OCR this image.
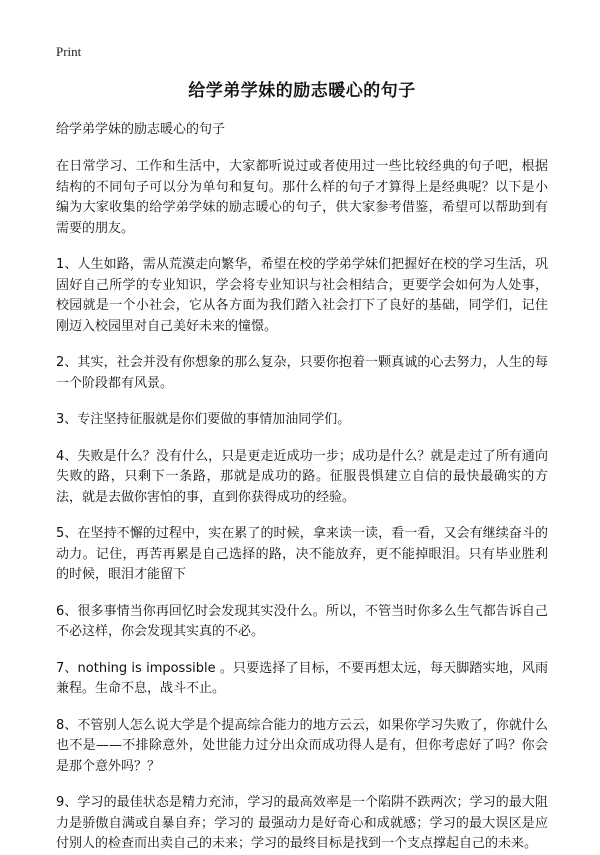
Print
给学弟学妹的励志暖心的句子
给学弟学妹的励志暖心的句子

在日常学习、工作和生活中，大家都听说过或者使用过一些比较经典的句子吧，根据结构的不同句子可以分为单句和复句。那什么样的句子才算得上是经典呢？以下是小编为大家收集的给学弟学妹的励志暖心的句子，供大家参考借鉴，希望可以帮助到有需要的朋友。

1、人生如路，需从荒漠走向繁华，希望在校的学弟学妹们把握好在校的学习生活，巩固好自己所学的专业知识，学会将专业知识与社会相结合，更要学会如何为人处事，校园就是一个小社会，它从各方面为我们踏入社会打下了良好的基础，同学们，记住刚迈入校园里对自己美好未来的憧憬。

2、其实，社会并没有你想象的那么复杂，只要你抱着一颗真诚的心去努力，人生的每一个阶段都有风景。

3、专注坚持征服就是你们要做的事情加油同学们。

4、失败是什么？没有什么，只是更走近成功一步；成功是什么？就是走过了所有通向失败的路，只剩下一条路，那就是成功的路。征服畏惧建立自信的最快最确实的方法，就是去做你害怕的事，直到你获得成功的经验。

5、在坚持不懈的过程中，实在累了的时候，拿来读一读，看一看，又会有继续奋斗的动力。记住，再苦再累是自己选择的路，决不能放弃，更不能掉眼泪。只有毕业胜利的时候，眼泪才能留下

6、很多事情当你再回忆时会发现其实没什么。所以，不管当时你多么生气都告诉自己不必这样，你会发现其实真的不必。

7、nothing is impossible 。只要选择了目标，不要再想太远，每天脚踏实地，风雨兼程。生命不息，战斗不止。

8、不管别人怎么说大学是个提高综合能力的地方云云，如果你学习失败了，你就什么也不是——不排除意外，处世能力过分出众而成功得人是有，但你考虑好了吗？你会是那个意外吗？？

9、学习的最佳状态是精力充沛，学习的最高效率是一个陷阱不跌两次；学习的最大阻力是骄傲自满或自暴自弃；学习的 最强动力是好奇心和成就感；学习的最大误区是应付别人的检查而出卖自己的未来；学习的最终目标是找到一个支点撑起自己的未来。
